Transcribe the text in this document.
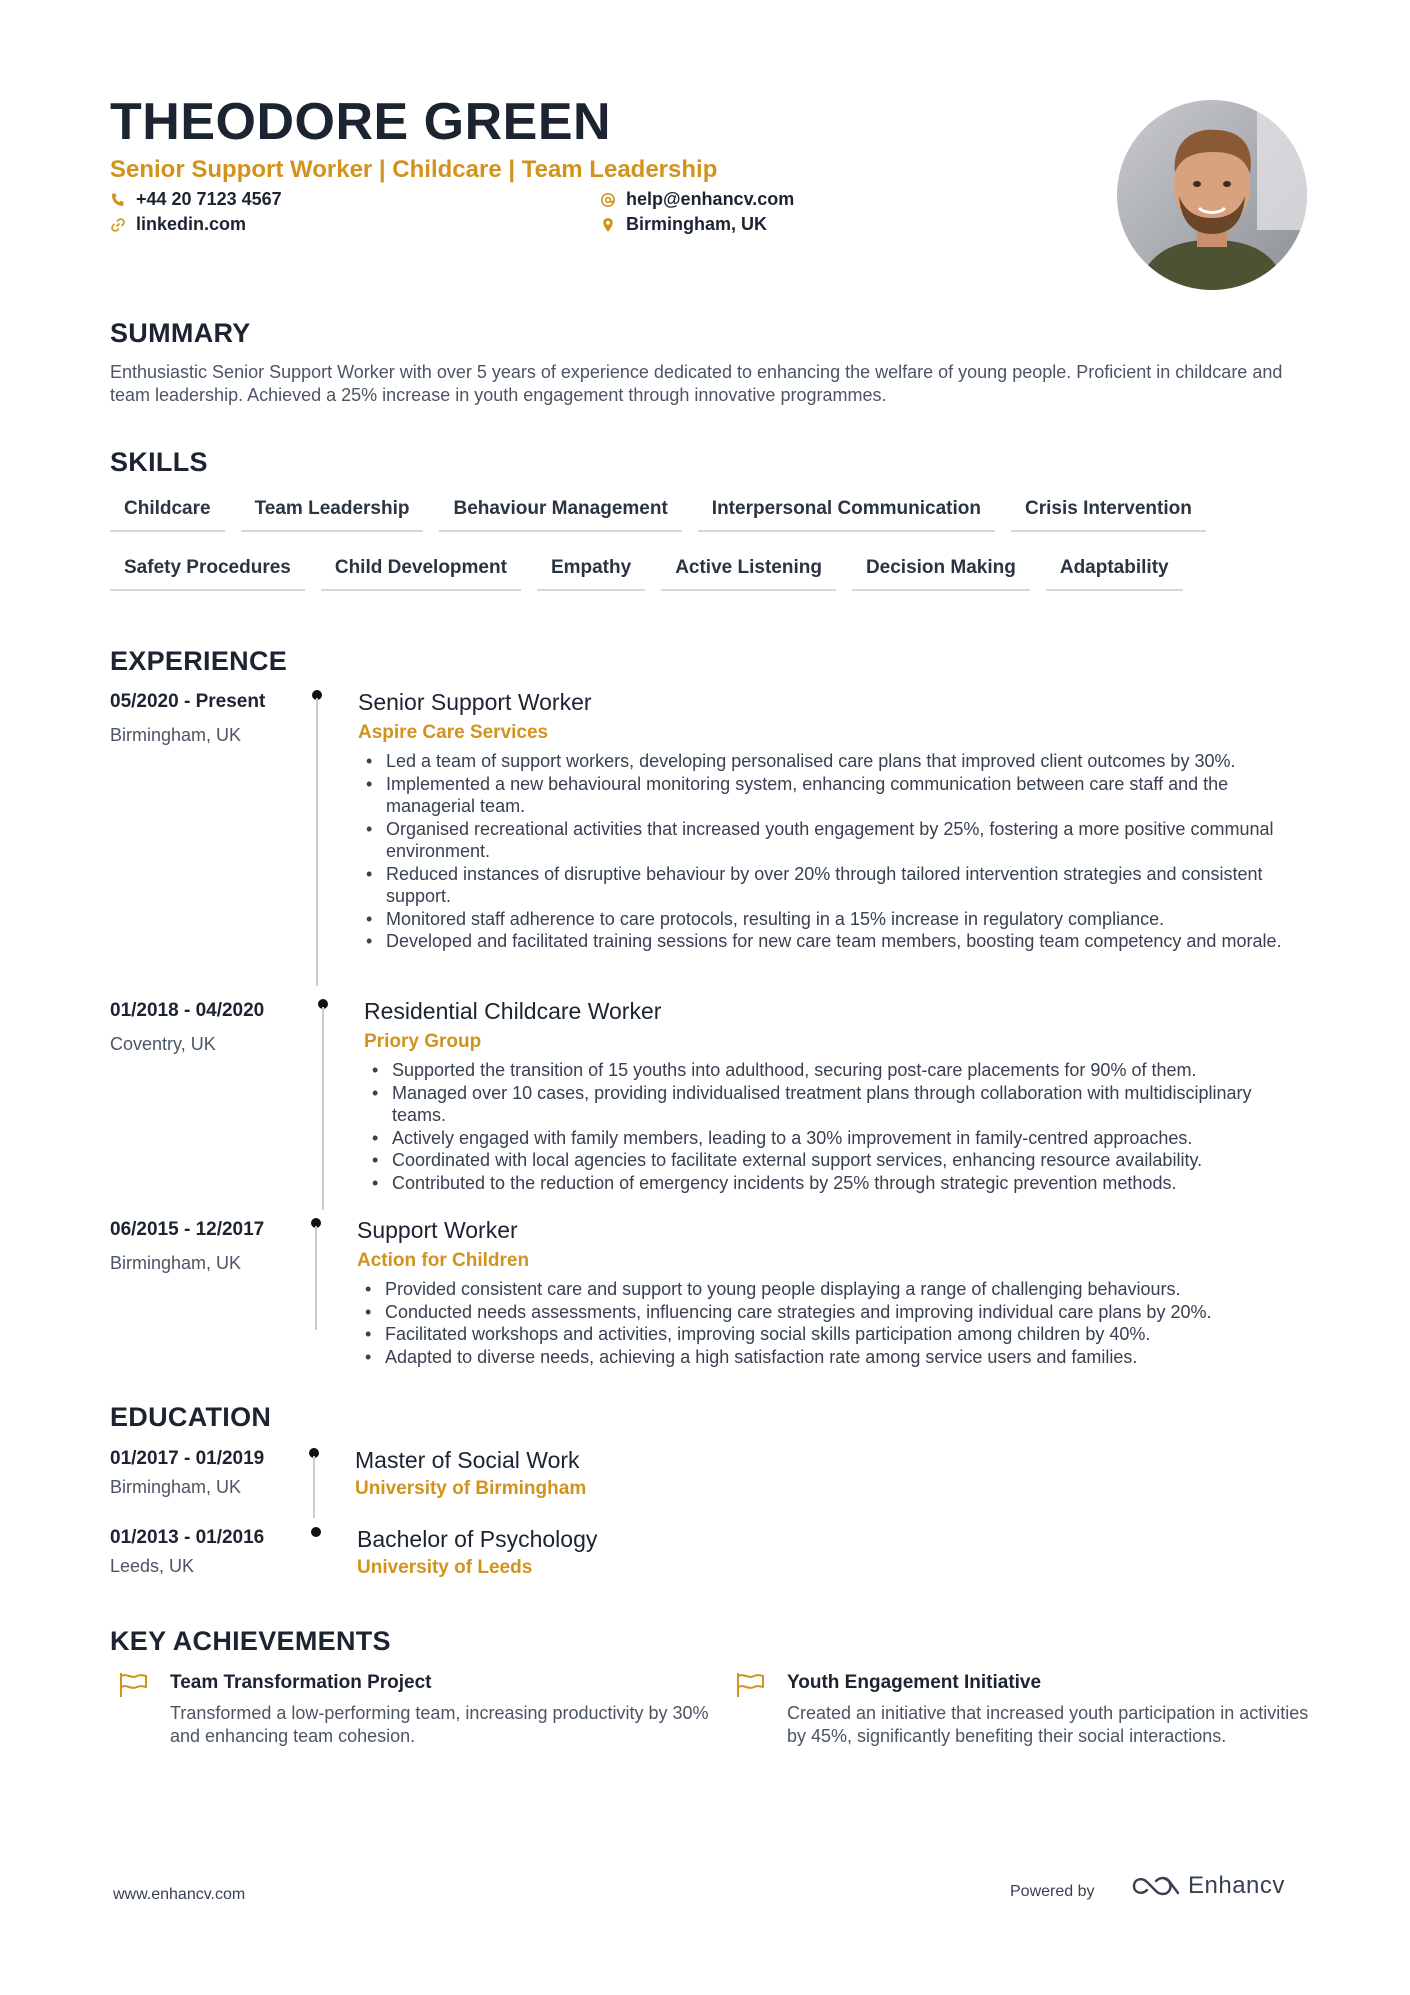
THEODORE GREEN
Senior Support Worker | Childcare | Team Leadership
+44 20 7123 4567	help@enhancv.com
linkedin.com	Birmingham, UK
SUMMARY
Enthusiastic Senior Support Worker with over 5 years of experience dedicated to enhancing the welfare of young people. Proficient in childcare and team leadership. Achieved a 25% increase in youth engagement through innovative programmes.
SKILLS
Childcare	Team Leadership	Behaviour Management	Interpersonal Communication	Crisis Intervention
Safety Procedures	Child Development	Empathy	Active Listening	Decision Making	Adaptability
EXPERIENCE
05/2020 - Present
Birmingham, UK
Senior Support Worker
Aspire Care Services
• Led a team of support workers, developing personalised care plans that improved client outcomes by 30%.
• Implemented a new behavioural monitoring system, enhancing communication between care staff and the managerial team.
• Organised recreational activities that increased youth engagement by 25%, fostering a more positive communal environment.
• Reduced instances of disruptive behaviour by over 20% through tailored intervention strategies and consistent support.
• Monitored staff adherence to care protocols, resulting in a 15% increase in regulatory compliance.
• Developed and facilitated training sessions for new care team members, boosting team competency and morale.
01/2018 - 04/2020
Coventry, UK
Residential Childcare Worker
Priory Group
• Supported the transition of 15 youths into adulthood, securing post-care placements for 90% of them.
• Managed over 10 cases, providing individualised treatment plans through collaboration with multidisciplinary teams.
• Actively engaged with family members, leading to a 30% improvement in family-centred approaches.
• Coordinated with local agencies to facilitate external support services, enhancing resource availability.
• Contributed to the reduction of emergency incidents by 25% through strategic prevention methods.
06/2015 - 12/2017
Birmingham, UK
Support Worker
Action for Children
• Provided consistent care and support to young people displaying a range of challenging behaviours.
• Conducted needs assessments, influencing care strategies and improving individual care plans by 20%.
• Facilitated workshops and activities, improving social skills participation among children by 40%.
• Adapted to diverse needs, achieving a high satisfaction rate among service users and families.
EDUCATION
01/2017 - 01/2019
Birmingham, UK
Master of Social Work
University of Birmingham
01/2013 - 01/2016
Leeds, UK
Bachelor of Psychology
University of Leeds
KEY ACHIEVEMENTS
Team Transformation Project
Transformed a low-performing team, increasing productivity by 30% and enhancing team cohesion.
Youth Engagement Initiative
Created an initiative that increased youth participation in activities by 45%, significantly benefiting their social interactions.
www.enhancv.com	Powered by	Enhancv
